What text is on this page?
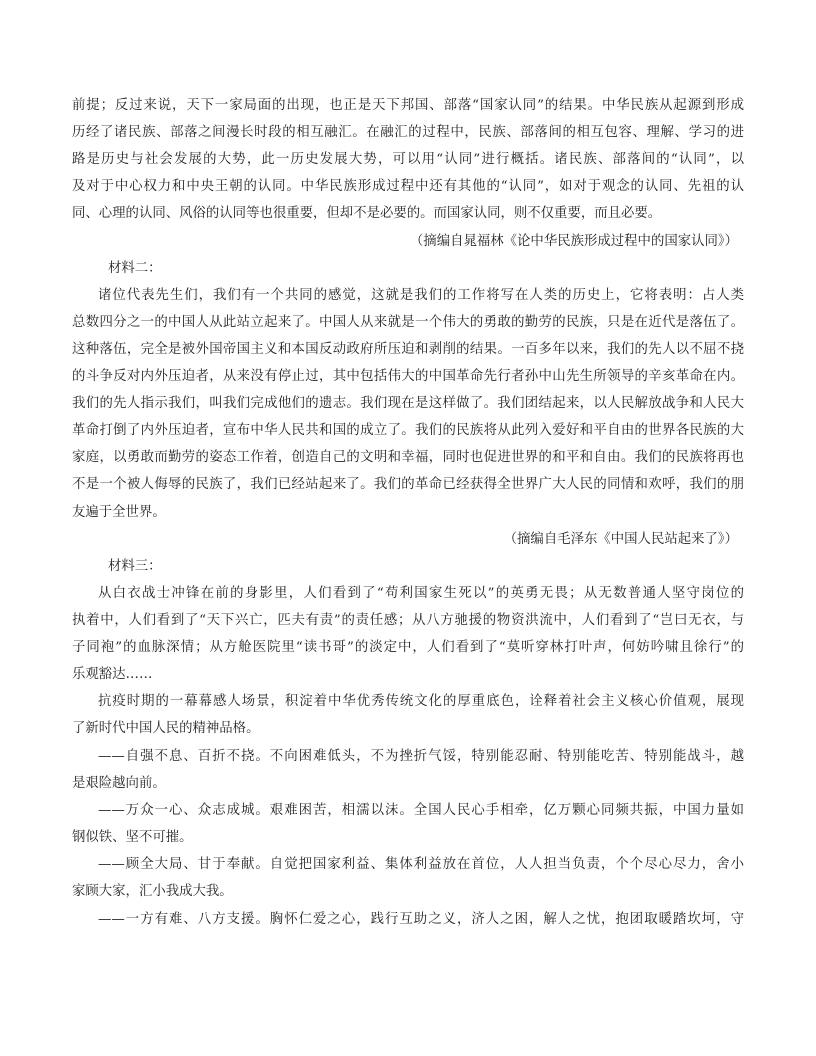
前提；反过来说，天下一家局面的出现，也正是天下邦国、部落“国家认同”的结果。中华民族从起源到形成
历经了诸民族、部落之间漫长时段的相互融汇。在融汇的过程中，民族、部落间的相互包容、理解、学习的进
路是历史与社会发展的大势，此一历史发展大势，可以用“认同”进行概括。诸民族、部落间的“认同”，以
及对于中心权力和中央王朝的认同。中华民族形成过程中还有其他的“认同”，如对于观念的认同、先祖的认
同、心理的认同、风俗的认同等也很重要，但却不是必要的。而国家认同，则不仅重要，而且必要。
（摘编自晁福林《论中华民族形成过程中的国家认同》）
材料二：
诸位代表先生们，我们有一个共同的感觉，这就是我们的工作将写在人类的历史上，它将表明：占人类
总数四分之一的中国人从此站立起来了。中国人从来就是一个伟大的勇敢的勤劳的民族，只是在近代是落伍了。
这种落伍，完全是被外国帝国主义和本国反动政府所压迫和剥削的结果。一百多年以来，我们的先人以不屈不挠
的斗争反对内外压迫者，从来没有停止过，其中包括伟大的中国革命先行者孙中山先生所领导的辛亥革命在内。
我们的先人指示我们，叫我们完成他们的遗志。我们现在是这样做了。我们团结起来，以人民解放战争和人民大
革命打倒了内外压迫者，宣布中华人民共和国的成立了。我们的民族将从此列入爱好和平自由的世界各民族的大
家庭，以勇敢而勤劳的姿态工作着，创造自己的文明和幸福，同时也促进世界的和平和自由。我们的民族将再也
不是一个被人侮辱的民族了，我们已经站起来了。我们的革命已经获得全世界广大人民的同情和欢呼，我们的朋
友遍于全世界。
（摘编自毛泽东《中国人民站起来了》）
材料三：
从白衣战士冲锋在前的身影里，人们看到了“苟利国家生死以”的英勇无畏；从无数普通人坚守岗位的
执着中，人们看到了“天下兴亡，匹夫有责”的责任感；从八方驰援的物资洪流中，人们看到了“岂曰无衣，与
子同袍”的血脉深情；从方舱医院里“读书哥”的淡定中，人们看到了“莫听穿林打叶声，何妨吟啸且徐行”的
乐观豁达……
抗疫时期的一幕幕感人场景，积淀着中华优秀传统文化的厚重底色，诠释着社会主义核心价值观，展现
了新时代中国人民的精神品格。
——自强不息、百折不挠。不向困难低头，不为挫折气馁，特别能忍耐、特别能吃苦、特别能战斗，越
是艰险越向前。
——万众一心、众志成城。艰难困苦，相濡以沫。全国人民心手相牵，亿万颗心同频共振，中国力量如
钢似铁、坚不可摧。
——顾全大局、甘于奉献。自觉把国家利益、集体利益放在首位，人人担当负责，个个尽心尽力，舍小
家顾大家，汇小我成大我。
——一方有难、八方支援。胸怀仁爱之心，践行互助之义，济人之困，解人之忧，抱团取暖踏坎坷，守
